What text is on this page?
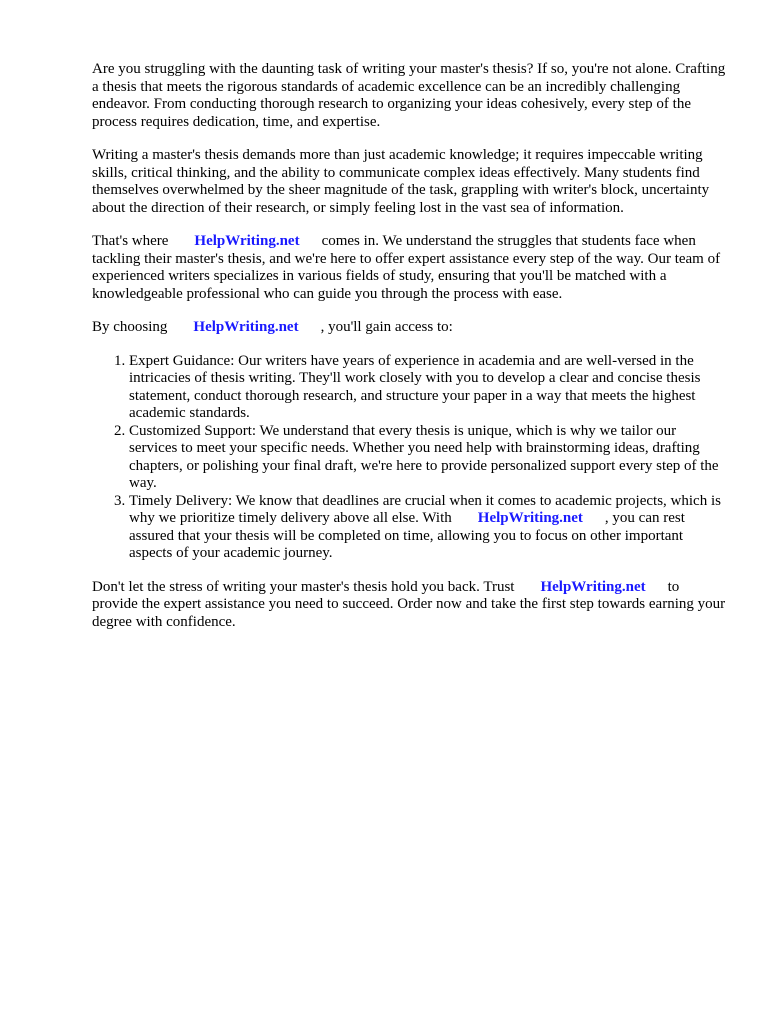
Are you struggling with the daunting task of writing your master's thesis? If so, you're not alone. Crafting a thesis that meets the rigorous standards of academic excellence can be an incredibly challenging endeavor. From conducting thorough research to organizing your ideas cohesively, every step of the process requires dedication, time, and expertise.

Writing a master's thesis demands more than just academic knowledge; it requires impeccable writing skills, critical thinking, and the ability to communicate complex ideas effectively. Many students find themselves overwhelmed by the sheer magnitude of the task, grappling with writer's block, uncertainty about the direction of their research, or simply feeling lost in the vast sea of information.

That's where HelpWriting.net comes in. We understand the struggles that students face when tackling their master's thesis, and we're here to offer expert assistance every step of the way. Our team of experienced writers specializes in various fields of study, ensuring that you'll be matched with a knowledgeable professional who can guide you through the process with ease.

By choosing HelpWriting.net , you'll gain access to:

1. Expert Guidance: Our writers have years of experience in academia and are well-versed in the intricacies of thesis writing. They'll work closely with you to develop a clear and concise thesis statement, conduct thorough research, and structure your paper in a way that meets the highest academic standards.
2. Customized Support: We understand that every thesis is unique, which is why we tailor our services to meet your specific needs. Whether you need help with brainstorming ideas, drafting chapters, or polishing your final draft, we're here to provide personalized support every step of the way.
3. Timely Delivery: We know that deadlines are crucial when it comes to academic projects, which is why we prioritize timely delivery above all else. With HelpWriting.net , you can rest assured that your thesis will be completed on time, allowing you to focus on other important aspects of your academic journey.

Don't let the stress of writing your master's thesis hold you back. Trust HelpWriting.net to provide the expert assistance you need to succeed. Order now and take the first step towards earning your degree with confidence.
